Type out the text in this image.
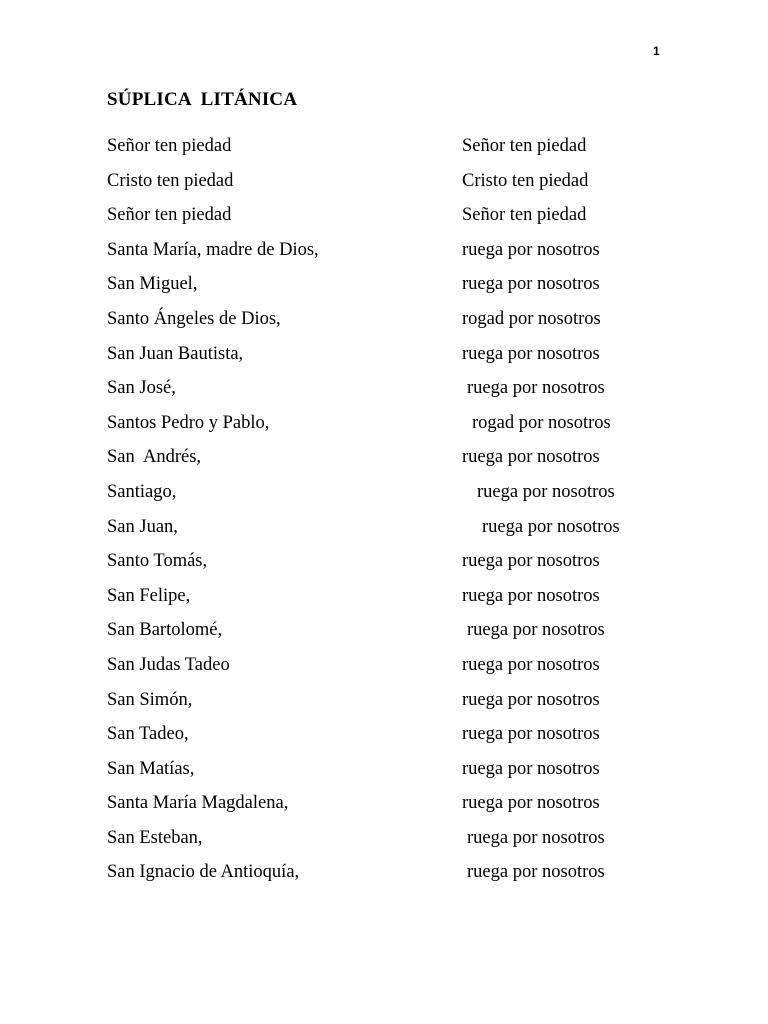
1
SÚPLICA  LITÁNICA
Señor ten piedad	Señor ten piedad
Cristo ten piedad	Cristo ten piedad
Señor ten piedad	Señor ten piedad
Santa María, madre de Dios,	ruega por nosotros
San Miguel,	ruega por nosotros
Santo Ángeles de Dios,	rogad por nosotros
San Juan Bautista,	ruega por nosotros
San José,	ruega por nosotros
Santos Pedro y Pablo,	rogad por nosotros
San  Andrés,	ruega por nosotros
Santiago,	ruega por nosotros
San Juan,	ruega por nosotros
Santo Tomás,	ruega por nosotros
San Felipe,	ruega por nosotros
San Bartolomé,	ruega por nosotros
San Judas Tadeo	ruega por nosotros
San Simón,	ruega por nosotros
San Tadeo,	ruega por nosotros
San Matías,	ruega por nosotros
Santa María Magdalena,	ruega por nosotros
San Esteban,	ruega por nosotros
San Ignacio de Antioquía,	ruega por nosotros
